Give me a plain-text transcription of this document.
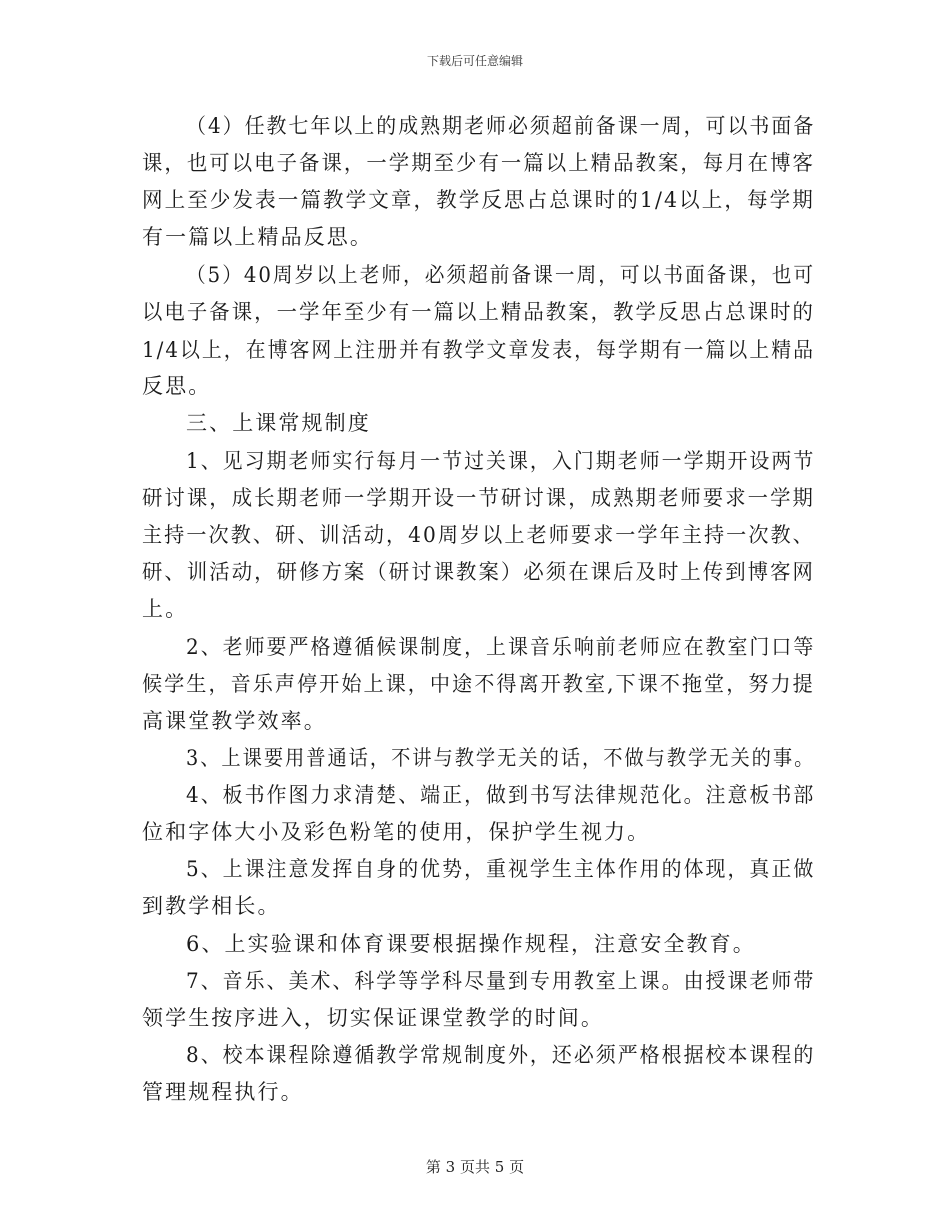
下载后可任意编辑
（4）任教七年以上的成熟期老师必须超前备课一周，可以书面备
课，也可以电子备课，一学期至少有一篇以上精品教案，每月在博客
网上至少发表一篇教学文章，教学反思占总课时的1/4以上，每学期
有一篇以上精品反思。
（5）40周岁以上老师，必须超前备课一周，可以书面备课，也可
以电子备课，一学年至少有一篇以上精品教案，教学反思占总课时的
1/4以上，在博客网上注册并有教学文章发表，每学期有一篇以上精品
反思。
三、上课常规制度
1、见习期老师实行每月一节过关课，入门期老师一学期开设两节
研讨课，成长期老师一学期开设一节研讨课，成熟期老师要求一学期
主持一次教、研、训活动，40周岁以上老师要求一学年主持一次教、
研、训活动，研修方案（研讨课教案）必须在课后及时上传到博客网
上。
2、老师要严格遵循候课制度，上课音乐响前老师应在教室门口等
候学生，音乐声停开始上课，中途不得离开教室,下课不拖堂，努力提
高课堂教学效率。
3、上课要用普通话，不讲与教学无关的话，不做与教学无关的事。
4、板书作图力求清楚、端正，做到书写法律规范化。注意板书部
位和字体大小及彩色粉笔的使用，保护学生视力。
5、上课注意发挥自身的优势，重视学生主体作用的体现，真正做
到教学相长。
6、上实验课和体育课要根据操作规程，注意安全教育。
7、音乐、美术、科学等学科尽量到专用教室上课。由授课老师带
领学生按序进入，切实保证课堂教学的时间。
8、校本课程除遵循教学常规制度外，还必须严格根据校本课程的
管理规程执行。
第 3 页共 5 页
